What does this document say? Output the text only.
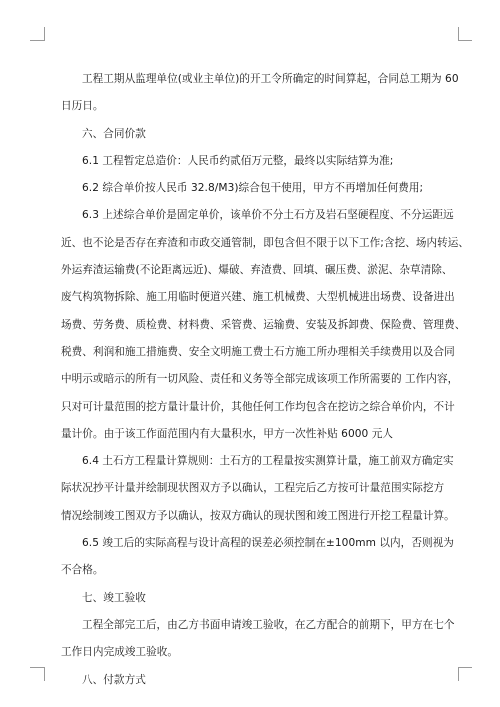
工程工期从监理单位(或业主单位)的开工令所确定的时间算起，合同总工期为 60

日历日。

六、合同价款

6.1 工程暂定总造价：人民币约贰佰万元整，最终以实际结算为准;

6.2 综合单价按人民币 32.8/M3)综合包干使用，甲方不再增加任何费用;

6.3 上述综合单价是固定单价，该单价不分土石方及岩石坚硬程度、不分运距远

近、也不论是否存在弃渣和市政交通管制，即包含但不限于以下工作;含挖、场内转运、

外运弃渣运输费(不论距离远近)、爆破、弃渣费、回填、碾压费、淤泥、杂草清除、

废气构筑物拆除、施工用临时便道兴建、施工机械费、大型机械进出场费、设备进出

场费、劳务费、质检费、材料费、采管费、运输费、安装及拆卸费、保险费、管理费、

税费、利润和施工措施费、安全文明施工费土石方施工所办理相关手续费用以及合同

中明示或暗示的所有一切风险、责任和义务等全部完成该项工作所需要的 工作内容，

只对可计量范围的挖方量计量计价，其他任何工作均包含在挖访之综合单价内，不计

量计价。由于该工作面范围内有大量积水，甲方一次性补贴 6000 元人

6.4 土石方工程量计算规则：土石方的工程量按实测算计量，施工前双方确定实

际状况抄平计量并绘制现状图双方予以确认，工程完后乙方按可计量范围实际挖方

情况绘制竣工图双方予以确认，按双方确认的现状图和竣工图进行开挖工程量计算。

6.5 竣工后的实际高程与设计高程的误差必须控制在±100mm 以内，否则视为

不合格。

七、竣工验收

工程全部完工后，由乙方书面申请竣工验收，在乙方配合的前期下，甲方在七个

工作日内完成竣工验收。

八、付款方式
